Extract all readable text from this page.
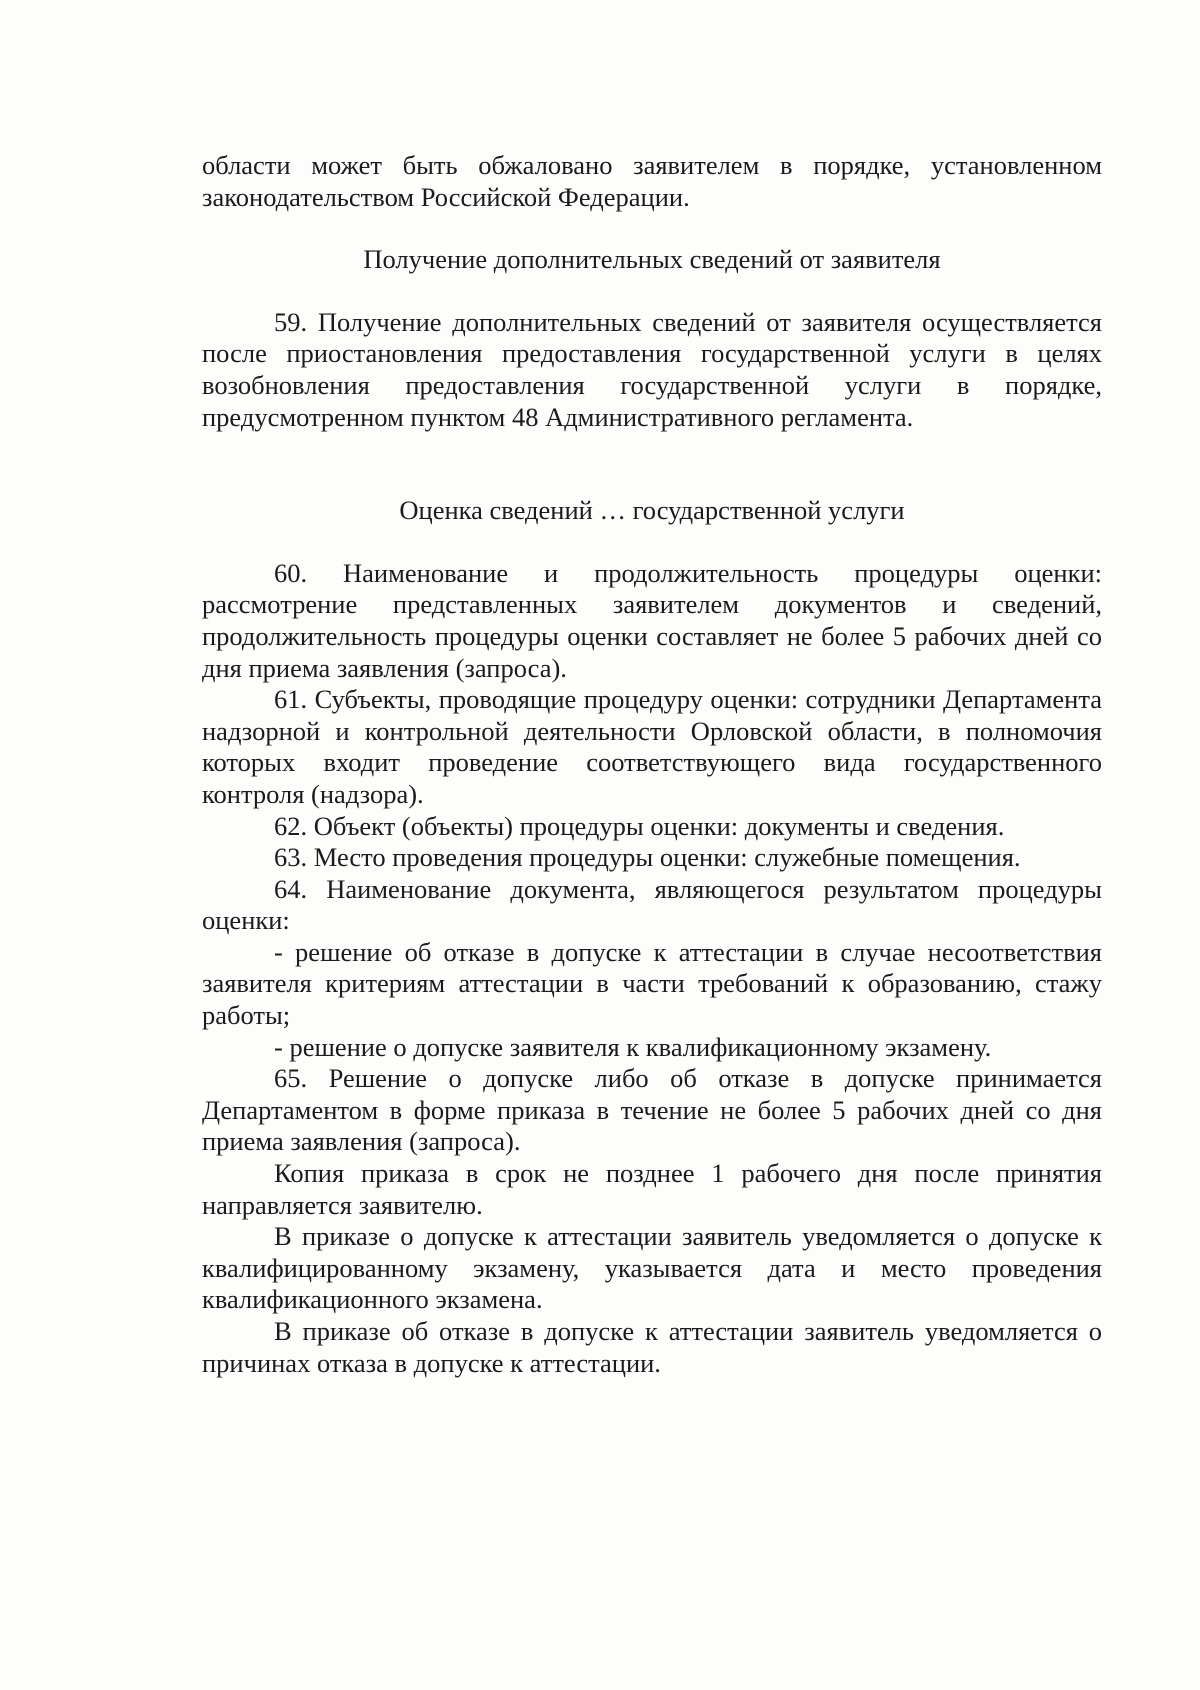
области может быть обжаловано заявителем в порядке, установленном законодательством Российской Федерации.

Получение дополнительных сведений от заявителя

59. Получение дополнительных сведений от заявителя осуществляется после приостановления предоставления государственной услуги в целях возобновления предоставления государственной услуги в порядке, предусмотренном пунктом 48 Административного регламента.

Оценка сведений … государственной услуги

60. Наименование и продолжительность процедуры оценки: рассмотрение представленных заявителем документов и сведений, продолжительность процедуры оценки составляет не более 5 рабочих дней со дня приема заявления (запроса).

61. Субъекты, проводящие процедуру оценки: сотрудники Департамента надзорной и контрольной деятельности Орловской области, в полномочия которых входит проведение соответствующего вида государственного контроля (надзора).

62. Объект (объекты) процедуры оценки: документы и сведения.

63. Место проведения процедуры оценки: служебные помещения.

64. Наименование документа, являющегося результатом процедуры оценки:

- решение об отказе в допуске к аттестации в случае несоответствия заявителя критериям аттестации в части требований к образованию, стажу работы;

- решение о допуске заявителя к квалификационному экзамену.

65. Решение о допуске либо об отказе в допуске принимается Департаментом в форме приказа в течение не более 5 рабочих дней со дня приема заявления (запроса).

Копия приказа в срок не позднее 1 рабочего дня после принятия направляется заявителю.

В приказе о допуске к аттестации заявитель уведомляется о допуске к квалифицированному экзамену, указывается дата и место проведения квалификационного экзамена.

В приказе об отказе в допуске к аттестации заявитель уведомляется о причинах отказа в допуске к аттестации.
